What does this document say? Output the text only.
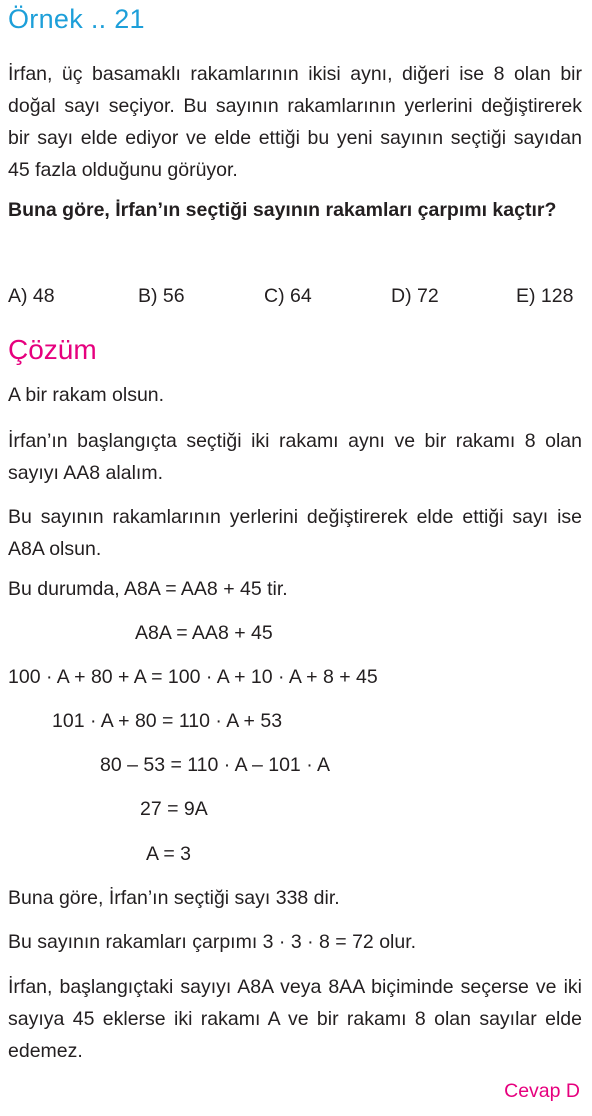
Örnek .. 21
İrfan, üç basamaklı rakamlarının ikisi aynı, diğeri ise 8 olan bir doğal sayı seçiyor. Bu sayının rakamlarının yerlerini değiştirerek bir sayı elde ediyor ve elde ettiği bu yeni sayının seçtiği sayıdan 45 fazla olduğunu görüyor.
Buna göre, İrfan’ın seçtiği sayının rakamları çarpımı kaçtır?
A) 48	B) 56	C) 64	D) 72	E) 128
Çözüm
A bir rakam olsun.
İrfan’ın başlangıçta seçtiği iki rakamı aynı ve bir rakamı 8 olan sayıyı AA8 alalım.
Bu sayının rakamlarının yerlerini değiştirerek elde ettiği sayı ise A8A olsun.
Bu durumda, A8A = AA8 + 45 tir.
A8A = AA8 + 45
100 · A + 80 + A = 100 · A + 10 · A + 8 + 45
101 · A + 80 = 110 · A + 53
80 – 53 = 110 · A – 101 · A
27 = 9A
A = 3
Buna göre, İrfan’ın seçtiği sayı 338 dir.
Bu sayının rakamları çarpımı 3 · 3 · 8 = 72 olur.
İrfan, başlangıçtaki sayıyı A8A veya 8AA biçiminde seçerse ve iki sayıya 45 eklerse iki rakamı A ve bir rakamı 8 olan sayılar elde edemez.
Cevap D
